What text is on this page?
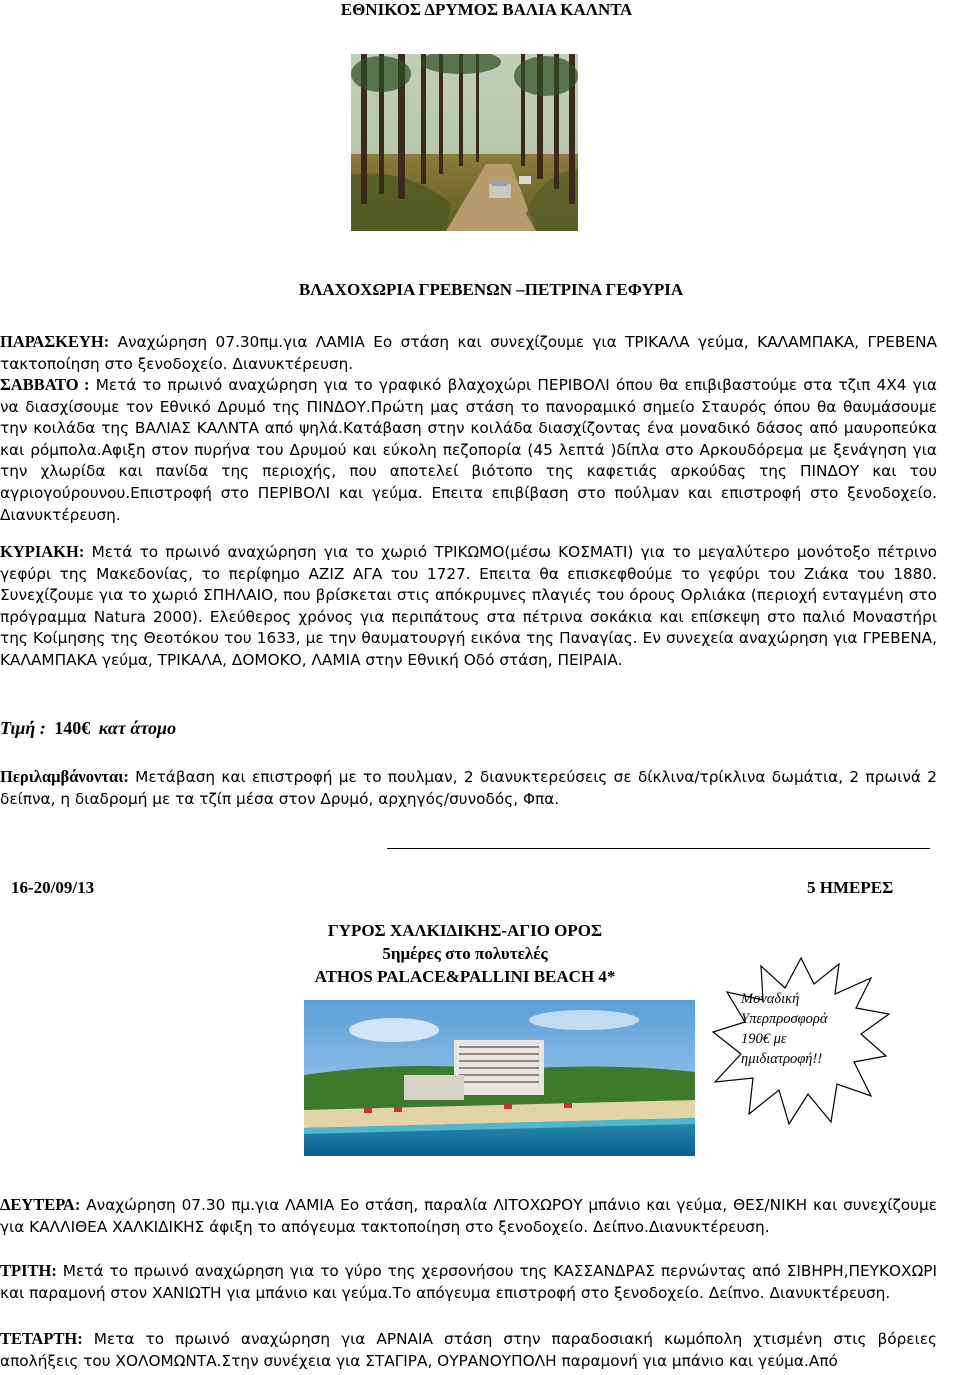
ΕΘΝΙΚΟΣ ΔΡΥΜΟΣ ΒΑΛΙΑ ΚΑΛΝΤΑ
ΒΛΑΧΟΧΩΡΙΑ ΓΡΕΒΕΝΩΝ –ΠΕΤΡΙΝΑ ΓΕΦΥΡΙΑ
ΠΑΡΑΣΚΕΥΗ: Αναχώρηση 07.30πμ.για ΛΑΜΙΑ Εο στάση και συνεχίζουμε για ΤΡΙΚΑΛΑ γεύμα, ΚΑΛΑΜΠΑΚΑ, ΓΡΕΒΕΝΑ τακτοποίηση στο ξενοδοχείο. Διανυκτέρευση.
ΣΑΒΒΑΤΟ : Μετά το πρωινό αναχώρηση για το γραφικό βλαχοχώρι ΠΕΡΙΒΟΛΙ όπου θα επιβιβαστούμε στα τζιπ 4Χ4 για να διασχίσουμε τον Εθνικό Δρυμό της ΠΙΝΔΟΥ.Πρώτη μας στάση το πανοραμικό σημείο Σταυρός όπου θα θαυμάσουμε την κοιλάδα της ΒΑΛΙΑΣ ΚΑΛΝΤΑ από ψηλά.Κατάβαση στην κοιλάδα διασχίζοντας ένα μοναδικό δάσος από μαυροπεύκα και ρόμπολα.Αφιξη στον πυρήνα του Δρυμού και εύκολη πεζοπορία (45 λεπτά )δίπλα στο Αρκουδόρεμα με ξενάγηση για την χλωρίδα και πανίδα της περιοχής, που αποτελεί βιότοπο της καφετιάς αρκούδας της ΠΙΝΔΟΥ και του αγριογούρουνου.Επιστροφή στο ΠΕΡΙΒΟΛΙ και γεύμα. Επειτα επιβίβαση στο πούλμαν και επιστροφή στο ξενοδοχείο. Διανυκτέρευση.
ΚΥΡΙΑΚΗ: Μετά το πρωινό αναχώρηση για το χωριό ΤΡΙΚΩΜΟ(μέσω ΚΟΣΜΑΤΙ) για το μεγαλύτερο μονότοξο πέτρινο γεφύρι της Μακεδονίας, το περίφημο ΑΖΙΖ ΑΓΑ του 1727. Επειτα θα επισκεφθούμε το γεφύρι του Ζιάκα του 1880. Συνεχίζουμε για το χωριό ΣΠΗΛΑΙΟ, που βρίσκεται στις απόκρυμνες πλαγιές του όρους Ορλιάκα (περιοχή ενταγμένη στο πρόγραμμα Natura 2000). Ελεύθερος χρόνος για περιπάτους στα πέτρινα σοκάκια και επίσκεψη στο παλιό Μοναστήρι της Κοίμησης της Θεοτόκου του 1633, με την θαυματουργή εικόνα της Παναγίας. Εν συνεχεία αναχώρηση για ΓΡΕΒΕΝΑ, ΚΑΛΑΜΠΑΚΑ γεύμα, ΤΡΙΚΑΛΑ, ΔΟΜΟΚΟ, ΛΑΜΙΑ στην Εθνική Οδό στάση, ΠΕΙΡΑΙΑ.
Τιμή : 140€ κατ άτομο
Περιλαμβάνονται: Μετάβαση και επιστροφή με το πουλμαν, 2 διανυκτερεύσεις σε δίκλινα/τρίκλινα δωμάτια, 2 πρωινά 2 δείπνα, η διαδρομή με τα τζίπ μέσα στον Δρυμό, αρχηγός/συνοδός, Φπα.
16-20/09/13	5 ΗΜΕΡΕΣ
ΓΥΡΟΣ ΧΑΛΚΙΔΙΚΗΣ-ΑΓΙΟ ΟΡΟΣ
5ημέρες στο πολυτελές
ATHOS PALACE&PALLINI BEACH 4*
Μοναδική
Υπερπροσφορά
190€ με
ημιδιατροφή!!
ΔΕΥΤΕΡΑ: Αναχώρηση 07.30 πμ.για ΛΑΜΙΑ Εο στάση, παραλία ΛΙΤΟΧΩΡΟΥ μπάνιο και γεύμα, ΘΕΣ/ΝΙΚΗ και συνεχίζουμε για ΚΑΛΛΙΘΕΑ ΧΑΛΚΙΔΙΚΗΣ άφιξη το απόγευμα τακτοποίηση στο ξενοδοχείο. Δείπνο.Διανυκτέρευση.
ΤΡΙΤΗ: Μετά το πρωινό αναχώρηση για το γύρο της χερσονήσου της ΚΑΣΣΑΝΔΡΑΣ περνώντας από ΣΙΒΗΡΗ,ΠΕΥΚΟΧΩΡΙ και παραμονή στον ΧΑΝΙΩΤΗ για μπάνιο και γεύμα.Το απόγευμα επιστροφή στο ξενοδοχείο. Δείπνο. Διανυκτέρευση.
ΤΕΤΑΡΤΗ: Μετα το πρωινό αναχώρηση για ΑΡΝΑΙΑ στάση στην παραδοσιακή κωμόπολη χτισμένη στις βόρειες απολήξεις του ΧΟΛΟΜΩΝΤΑ.Στην συνέχεια για ΣΤΑΓΙΡΑ, ΟΥΡΑΝΟΥΠΟΛΗ παραμονή για μπάνιο και γεύμα.Από
